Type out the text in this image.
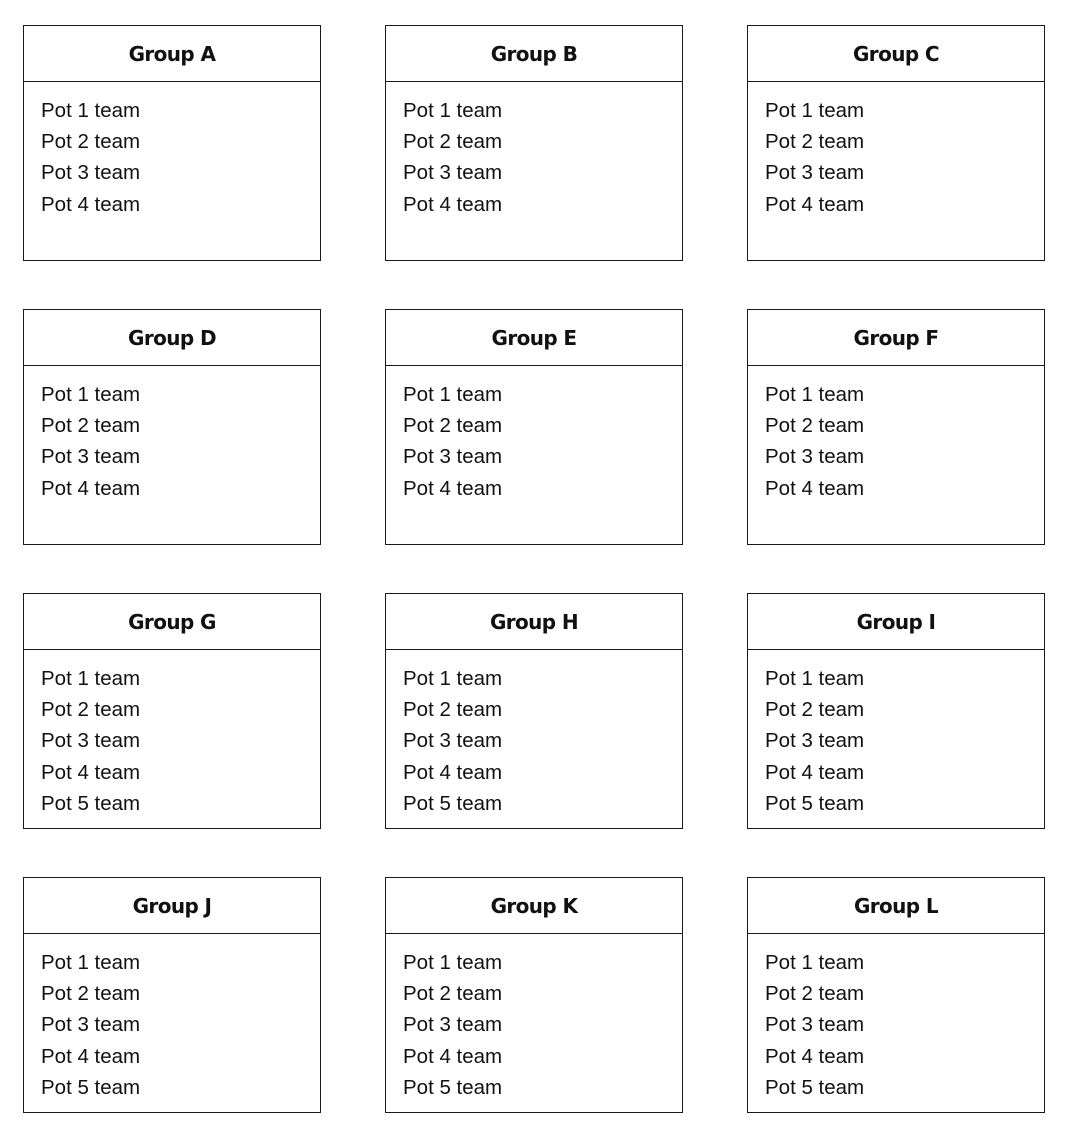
Group A
Pot 1 team
Pot 2 team
Pot 3 team
Pot 4 team
Group B
Pot 1 team
Pot 2 team
Pot 3 team
Pot 4 team
Group C
Pot 1 team
Pot 2 team
Pot 3 team
Pot 4 team
Group D
Pot 1 team
Pot 2 team
Pot 3 team
Pot 4 team
Group E
Pot 1 team
Pot 2 team
Pot 3 team
Pot 4 team
Group F
Pot 1 team
Pot 2 team
Pot 3 team
Pot 4 team
Group G
Pot 1 team
Pot 2 team
Pot 3 team
Pot 4 team
Pot 5 team
Group H
Pot 1 team
Pot 2 team
Pot 3 team
Pot 4 team
Pot 5 team
Group I
Pot 1 team
Pot 2 team
Pot 3 team
Pot 4 team
Pot 5 team
Group J
Pot 1 team
Pot 2 team
Pot 3 team
Pot 4 team
Pot 5 team
Group K
Pot 1 team
Pot 2 team
Pot 3 team
Pot 4 team
Pot 5 team
Group L
Pot 1 team
Pot 2 team
Pot 3 team
Pot 4 team
Pot 5 team
